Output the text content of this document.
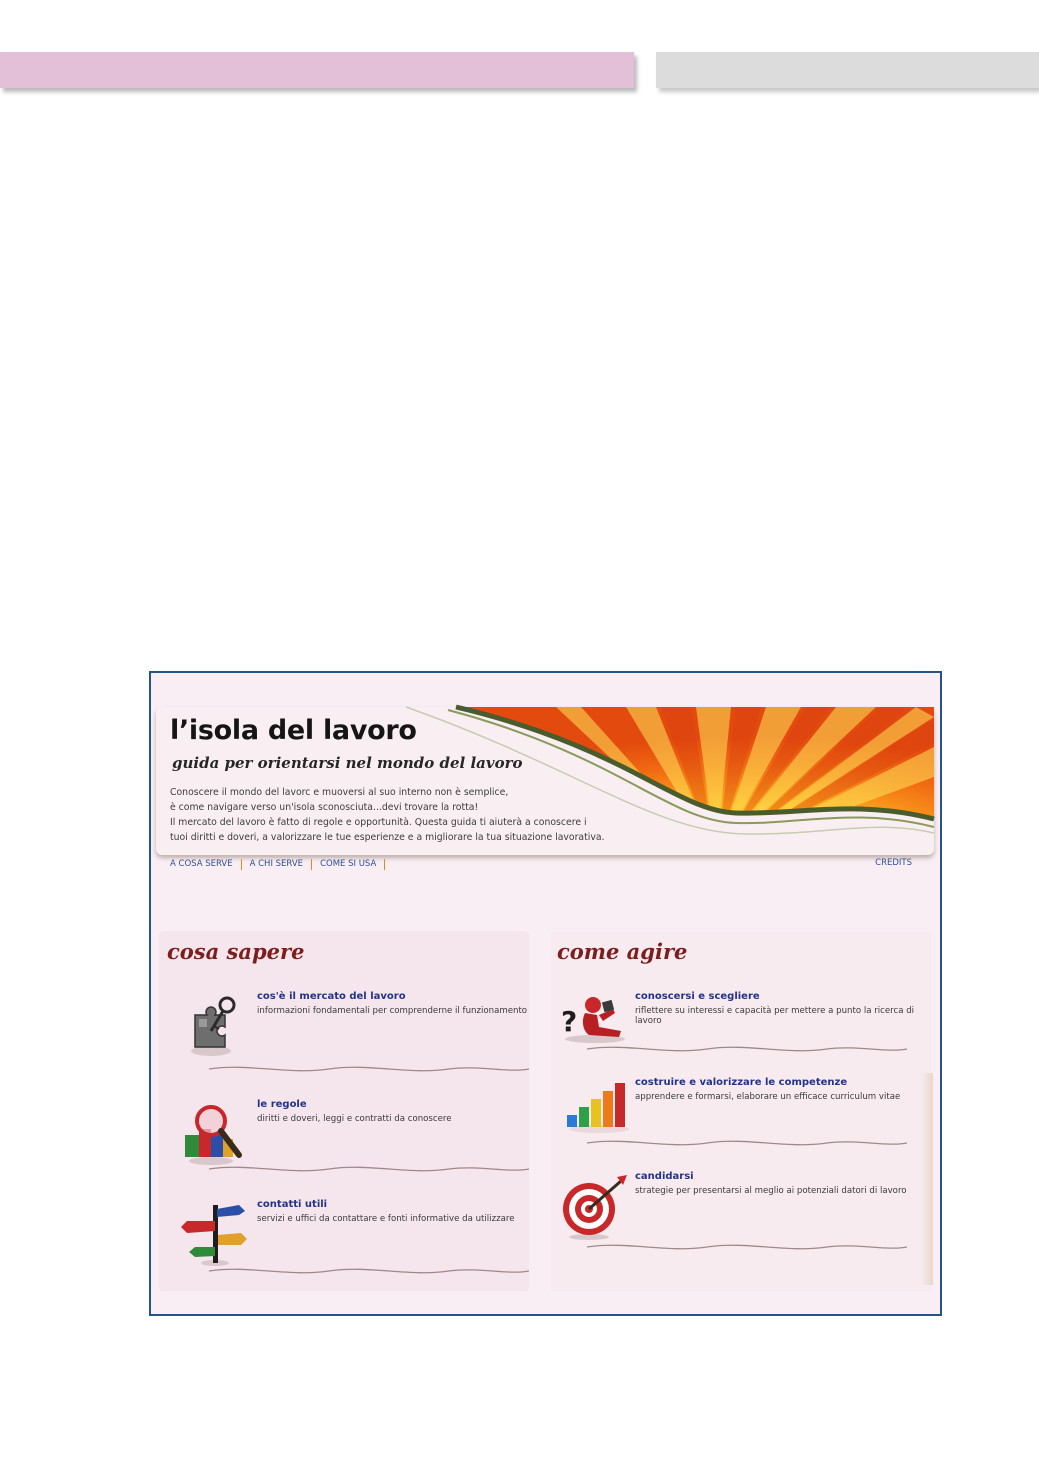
l’isola del lavoro
guida per orientarsi nel mondo del lavoro

Conoscere il mondo del lavorc e muoversi al suo interno non è semplice,

è come navigare verso un'isola sconosciuta...devi trovare la rotta!

Il mercato del lavoro è fatto di regole e opportunità. Questa guida ti aiuterà a conoscere i

tuoi diritti e doveri, a valorizzare le tue esperienze e a migliorare la tua situazione lavorativa.

A COSA SERVE A CHI SERVE COME SI USA	CREDITS
cosa sapere	come agire
cos'è il mercato del lavoro
informazioni fondamentali per comprenderne il funzionamento
le regole
diritti e doveri, leggi e contratti da conoscere
contatti utili
servizi e uffici da contattare e fonti informative da utilizzare
?
conoscersi e scegliere
riflettere su interessi e capacità per mettere a punto la ricerca di lavoro
costruire e valorizzare le competenze
apprendere e formarsi, elaborare un efficace curriculum vitae
candidarsi
strategie per presentarsi al meglio ai potenziali datori di lavoro
